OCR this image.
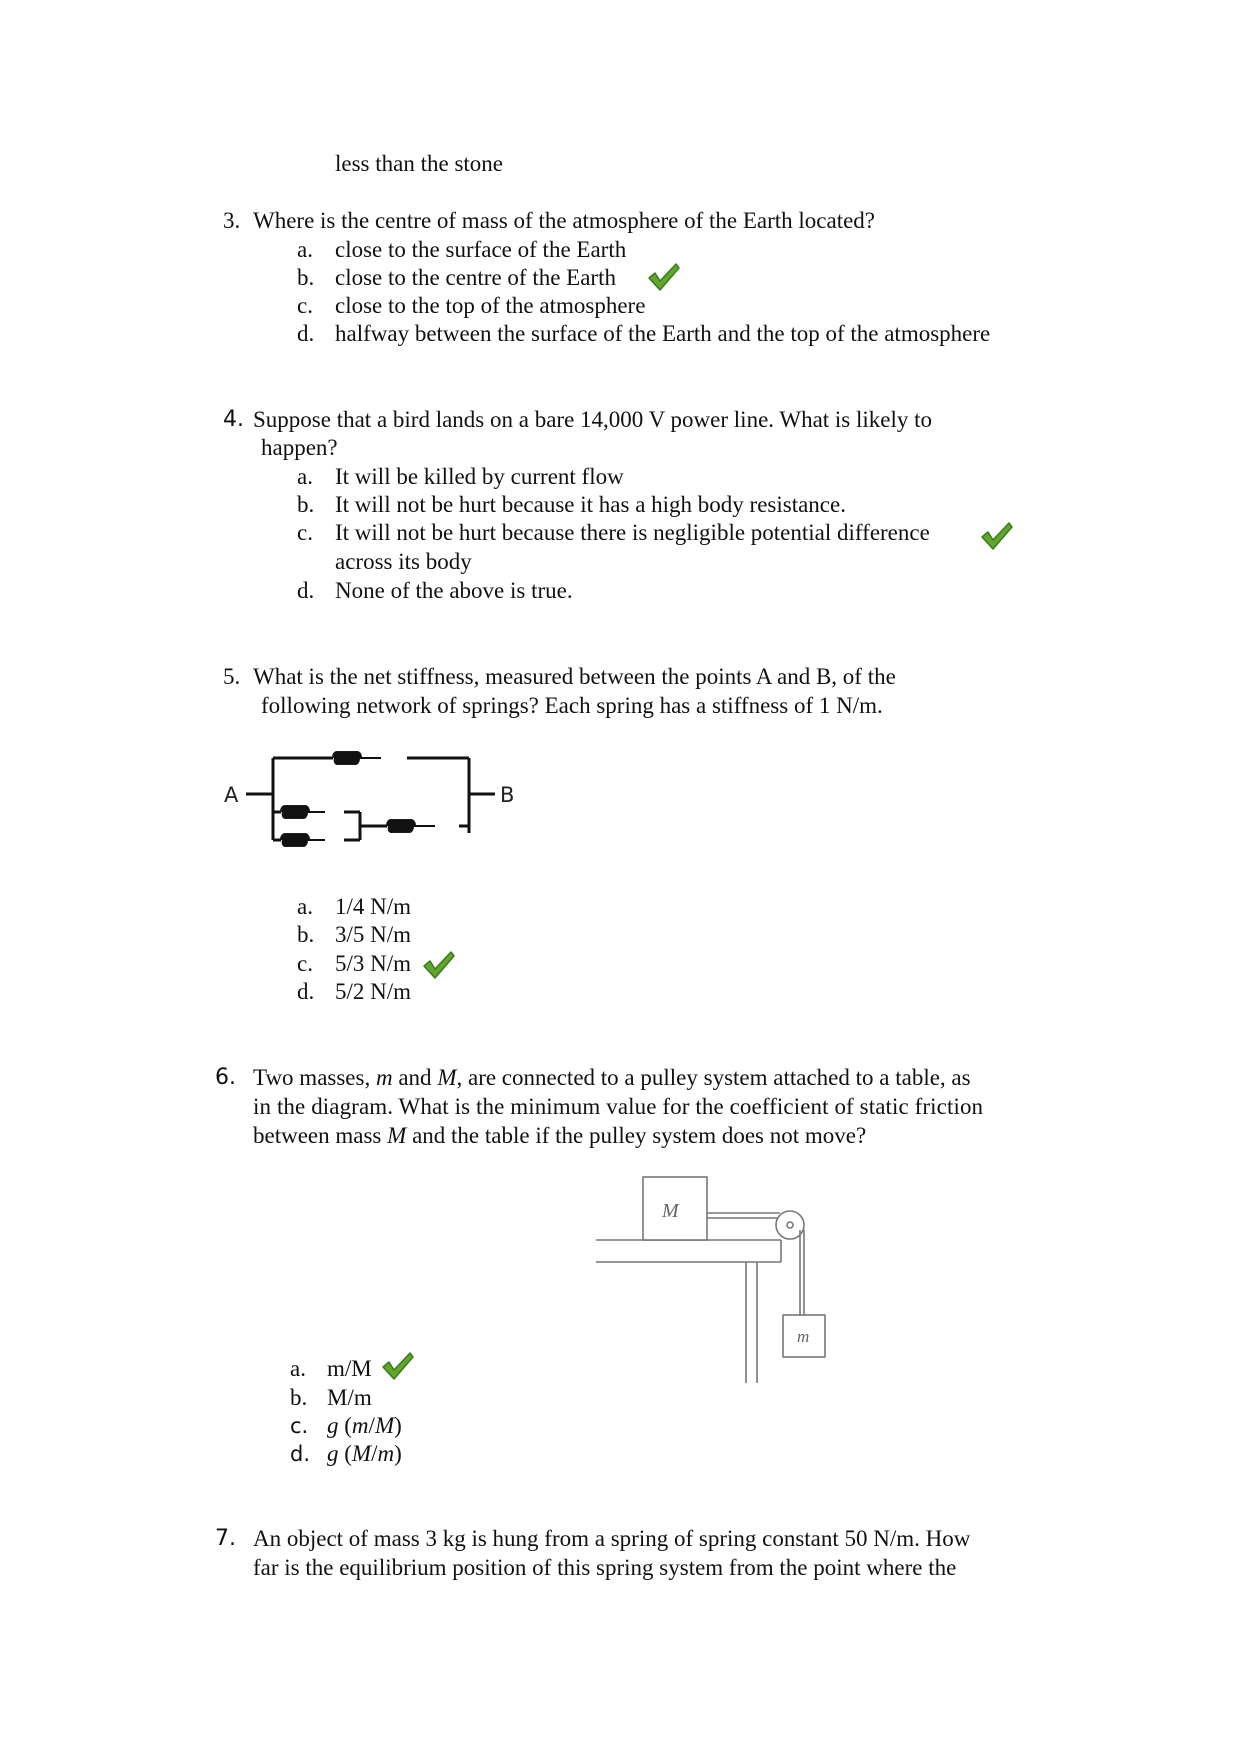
less than the stone
3. Where is the centre of mass of the atmosphere of the Earth located?
a. close to the surface of the Earth
b. close to the centre of the Earth
c. close to the top of the atmosphere
d. halfway between the surface of the Earth and the top of the atmosphere
4. Suppose that a bird lands on a bare 14,000 V power line. What is likely to
happen?
a. It will be killed by current flow
b. It will not be hurt because it has a high body resistance.
c. It will not be hurt because there is negligible potential difference
across its body
d. None of the above is true.
5. What is the net stiffness, measured between the points A and B, of the
following network of springs? Each spring has a stiffness of 1 N/m.
A	B
a. 1/4 N/m
b. 3/5 N/m
c. 5/3 N/m
d. 5/2 N/m
6. Two masses, m and M, are connected to a pulley system attached to a table, as
in the diagram. What is the minimum value for the coefficient of static friction
between mass M and the table if the pulley system does not move?
M
m
a. m/M
b. M/m
c. g (m/M)
d. g (M/m)
7. An object of mass 3 kg is hung from a spring of spring constant 50 N/m. How
far is the equilibrium position of this spring system from the point where the
